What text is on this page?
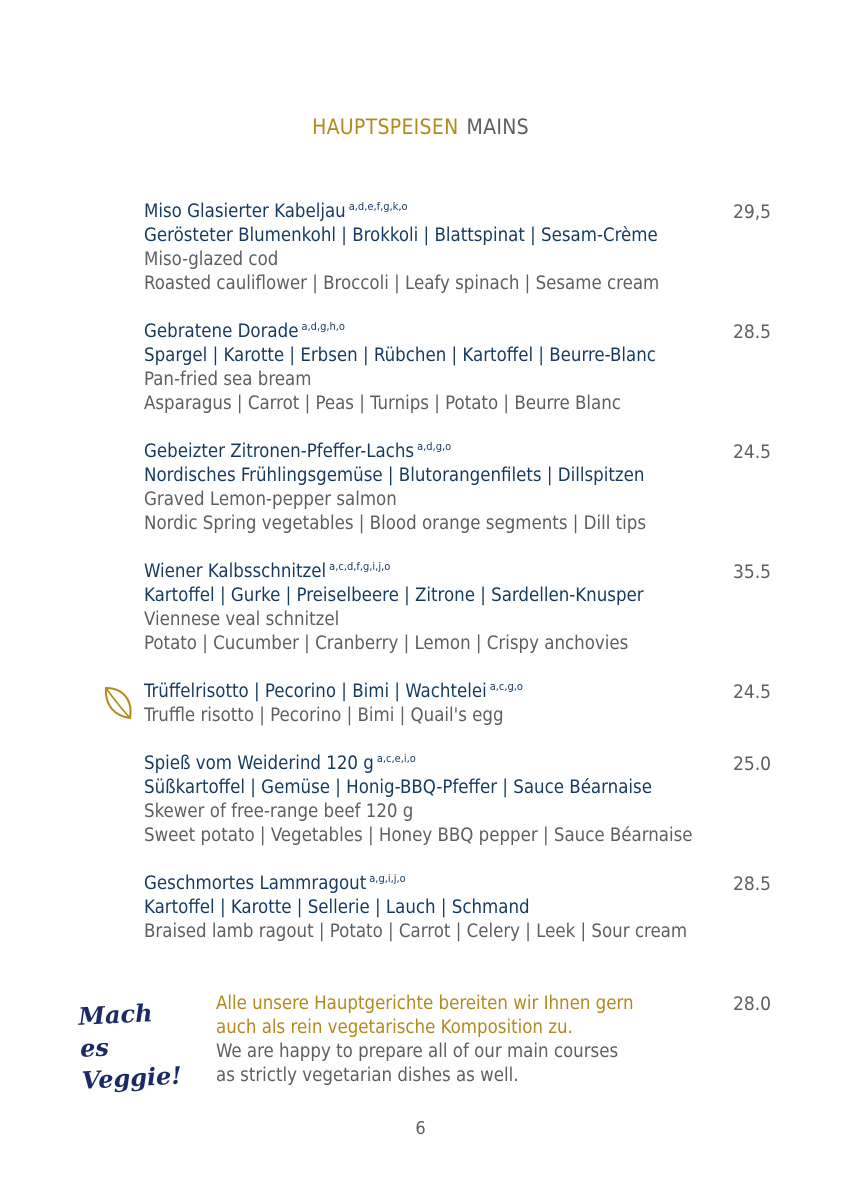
HAUPTSPEISEN MAINS
Miso Glasierter Kabeljau $^{a,d,e,f,g,k,o}$
Gerösteter Blumenkohl | Brokkoli | Blattspinat | Sesam-Crème
Miso-glazed cod
Roasted cauliflower | Broccoli | Leafy spinach | Sesame cream
29,5
Gebratene Dorade $^{a,d,g,h,o}$
Spargel | Karotte | Erbsen | Rübchen | Kartoffel | Beurre-Blanc
Pan-fried sea bream
Asparagus | Carrot | Peas | Turnips | Potato | Beurre Blanc
28.5
Gebeizter Zitronen-Pfeffer-Lachs $^{a,d,g,o}$
Nordisches Frühlingsgemüse | Blutorangenfilets | Dillspitzen
Graved Lemon-pepper salmon
Nordic Spring vegetables | Blood orange segments | Dill tips
24.5
Wiener Kalbsschnitzel $^{a,c,d,f,g,i,j,o}$
Kartoffel | Gurke | Preiselbeere | Zitrone | Sardellen-Knusper
Viennese veal schnitzel
Potato | Cucumber | Cranberry | Lemon | Crispy anchovies
35.5
Trüffelrisotto | Pecorino | Bimi | Wachtelei $^{a,c,g,o}$
Truffle risotto | Pecorino | Bimi | Quail's egg
24.5
Spieß vom Weiderind 120 g $^{a,c,e,i,o}$
Süßkartoffel | Gemüse | Honig-BBQ-Pfeffer | Sauce Béarnaise
Skewer of free-range beef 120 g
Sweet potato | Vegetables | Honey BBQ pepper | Sauce Béarnaise
25.0
Geschmortes Lammragout $^{a,g,i,j,o}$
Kartoffel | Karotte | Sellerie | Lauch | Schmand
Braised lamb ragout | Potato | Carrot | Celery | Leek | Sour cream
28.5
Mach es
Veggie!
Alle unsere Hauptgerichte bereiten wir Ihnen gern
auch als rein vegetarische Komposition zu.
We are happy to prepare all of our main courses
as strictly vegetarian dishes as well.
28.0
6
